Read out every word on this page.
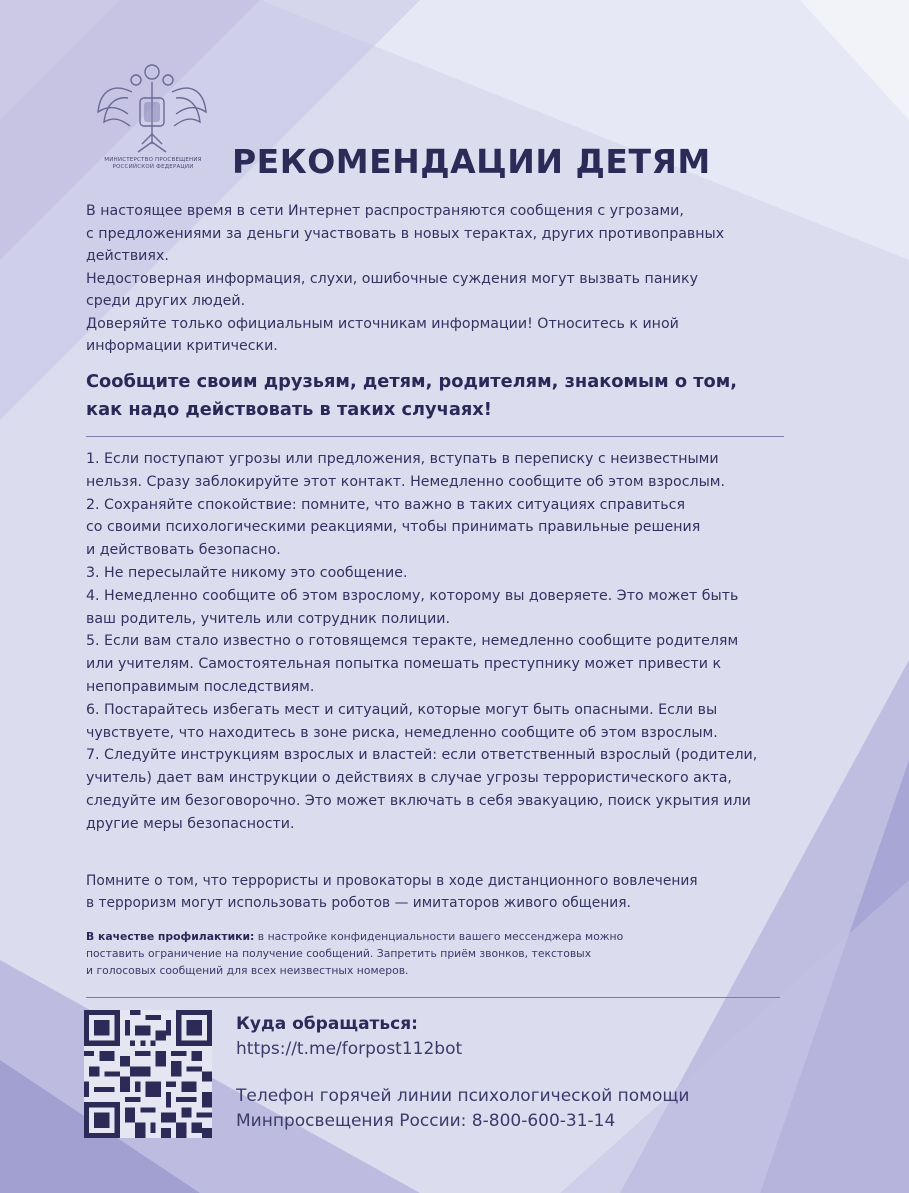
МИНИСТЕРСТВО ПРОСВЕЩЕНИЯ РОССИЙСКОЙ ФЕДЕРАЦИИ	РЕКОМЕНДАЦИИ ДЕТЯМ

В настоящее время в сети Интернет распространяются сообщения с угрозами,

с предложениями за деньги участвовать в новых терактах, других противоправных

действиях.

Недостоверная информация, слухи, ошибочные суждения могут вызвать панику

среди других людей.

Доверяйте только официальным источникам информации! Относитесь к иной

информации критически.

Сообщите своим друзьям, детям, родителям, знакомым о том,

как надо действовать в таких случаях!

1. Если поступают угрозы или предложения, вступать в переписку с неизвестными

нельзя. Сразу заблокируйте этот контакт. Немедленно сообщите об этом взрослым.

2. Сохраняйте спокойствие: помните, что важно в таких ситуациях справиться

со своими психологическими реакциями, чтобы принимать правильные решения

и действовать безопасно.

3. Не пересылайте никому это сообщение.

4. Немедленно сообщите об этом взрослому, которому вы доверяете. Это может быть

ваш родитель, учитель или сотрудник полиции.

5. Если вам стало известно о готовящемся теракте, немедленно сообщите родителям

или учителям. Самостоятельная попытка помешать преступнику может привести к

непоправимым последствиям.

6. Постарайтесь избегать мест и ситуаций, которые могут быть опасными. Если вы

чувствуете, что находитесь в зоне риска, немедленно сообщите об этом взрослым.

7. Следуйте инструкциям взрослых и властей: если ответственный взрослый (родители,

учитель) дает вам инструкции о действиях в случае угрозы террористического акта,

следуйте им безоговорочно. Это может включать в себя эвакуацию, поиск укрытия или

другие меры безопасности.

Помните о том, что террористы и провокаторы в ходе дистанционного вовлечения

в терроризм могут использовать роботов — имитаторов живого общения.

В качестве профилактики: в настройке конфиденциальности вашего мессенджера можно

поставить ограничение на получение сообщений. Запретить приём звонков, текстовых

и голосовых сообщений для всех неизвестных номеров.

Куда обращаться:

https://t.me/forpost112bot

Телефон горячей линии психологической помощи

Минпросвещения России: 8-800-600-31-14
